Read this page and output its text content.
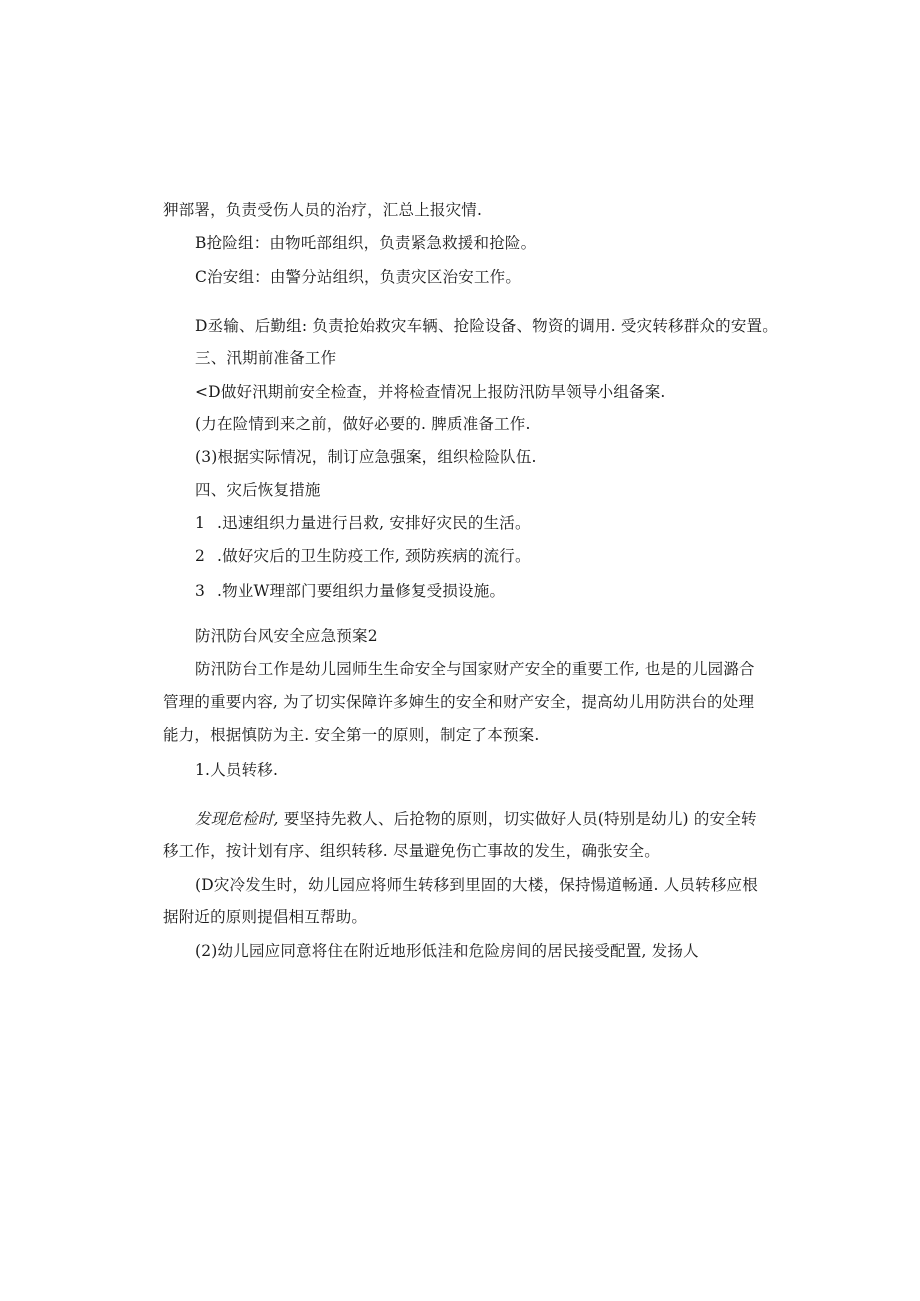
狎部署，负责受伤人员的治疗，汇总上报灾情.
B抢险组：由物吒部组织，负责紧急救援和抢险。
C治安组：由警分站组织，负责灾区治安工作。
D丞输、后勤组: 负责抢始救灾车辆、抢险设备、物资的调用. 受灾转移群众的安置。
三、汛期前准备工作
<D做好汛期前安全检查，并将检查情况上报防汛防旱领导小组备案.
(力在险情到来之前，做好必要的. 脾质准备工作.
(3)根据实际情况，制订应急强案，组织检险队伍.
四、灾后恢复措施
1 .迅速组织力量进行吕救, 安排好灾民的生活。
2 .做好灾后的卫生防疫工作, 颈防疾病的流行。
3 .物业W理部门要组织力量修复受损设施。
防汛防台风安全应急预案2
防汛防台工作是幼儿园师生生命安全与国家财产安全的重要工作, 也是的儿园潞合
管理的重要内容, 为了切实保障许多婶生的安全和财产安全，提高幼儿用防洪台的处理
能力，根据慎防为主. 安全第一的原则，制定了本预案.
1.人员转移.
发现危检时, 要坚持先救人、后抢物的原则，切实做好人员(特别是幼儿) 的安全转
移工作，按计划有序、组织转移. 尽量避免伤亡事故的发生，确张安全。
(D灾冷发生时，幼儿园应将师生转移到里固的大楼，保持愓道畅通. 人员转移应根
据附近的原则提倡相互帮助。
(2)幼儿园应同意将住在附近地形低洼和危险房间的居民接受配置, 发扬人
